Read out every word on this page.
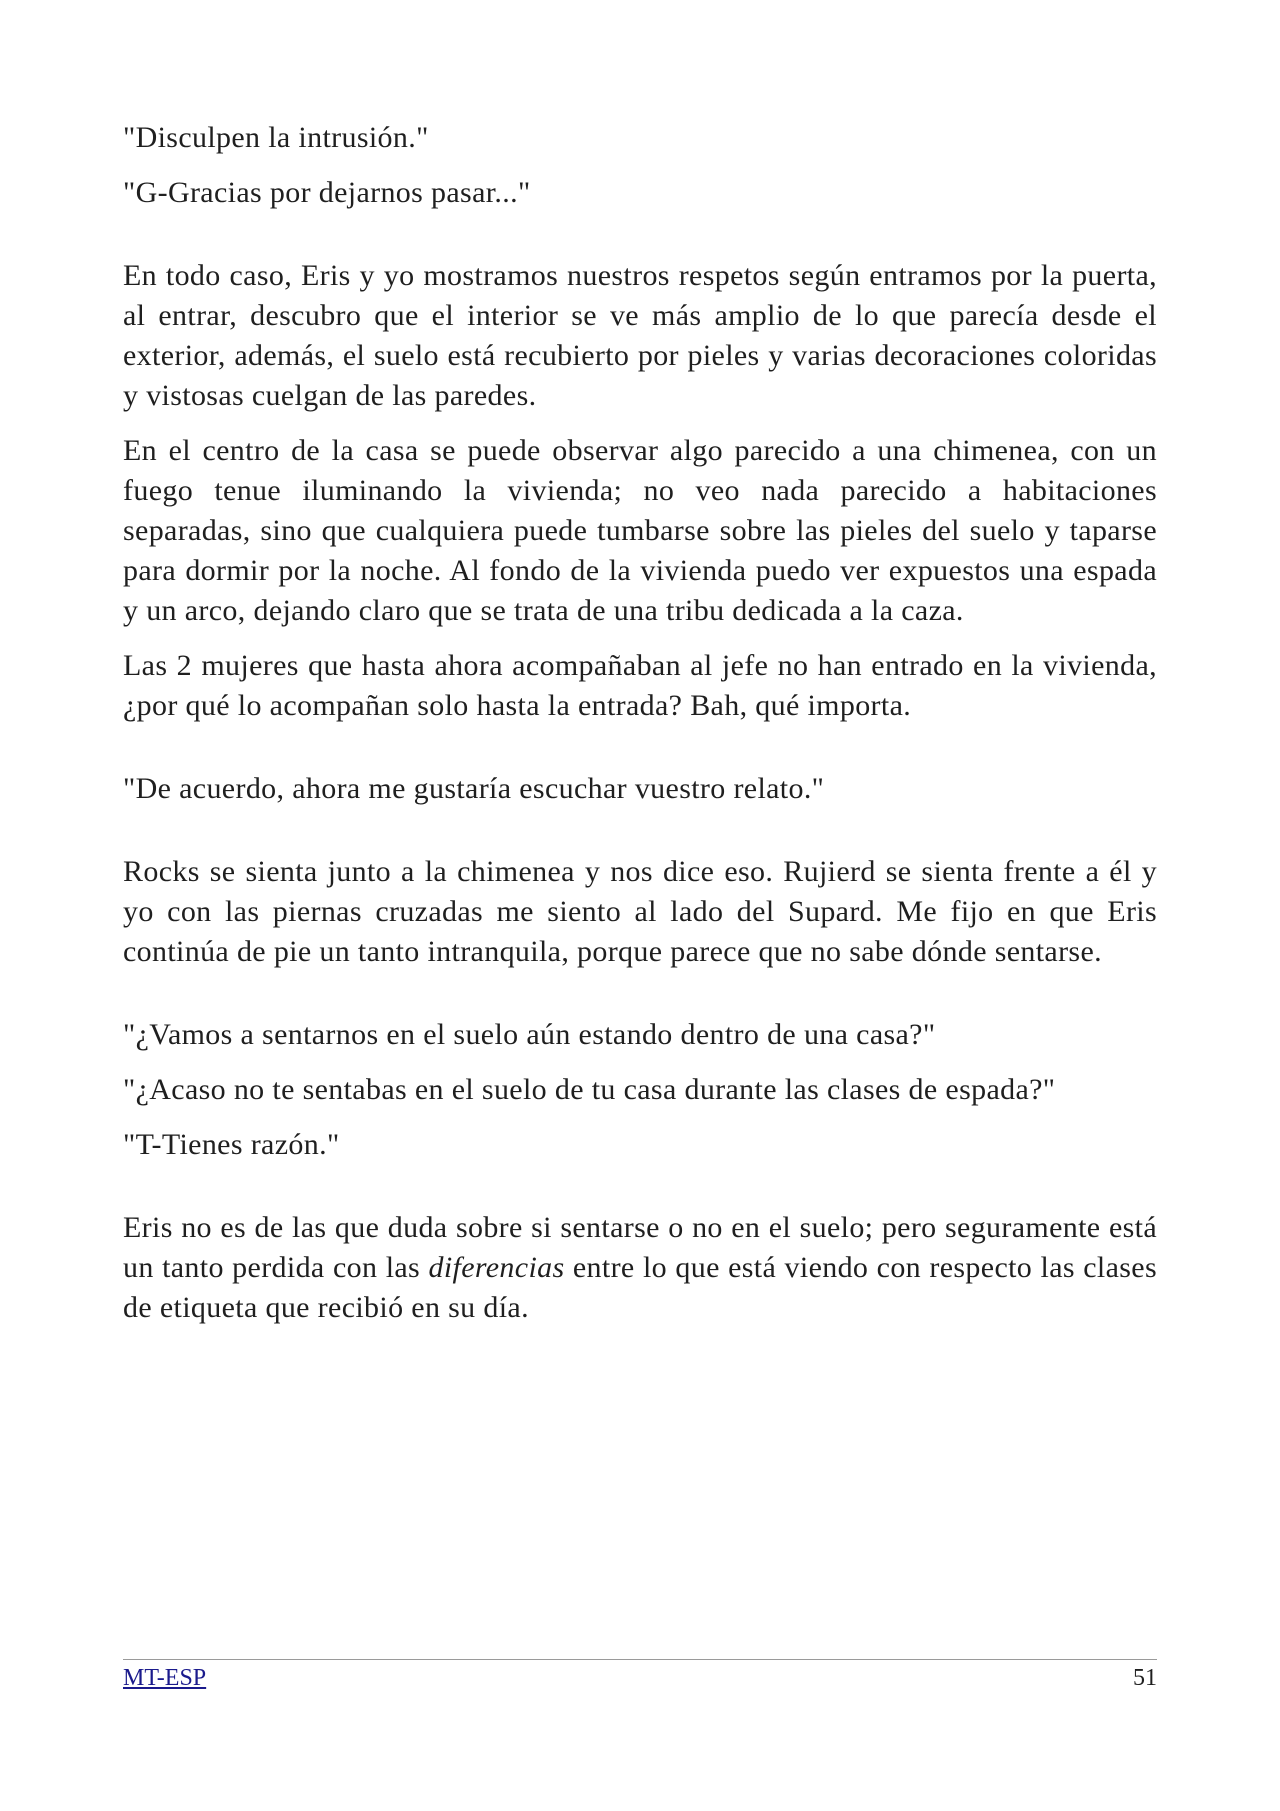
"Disculpen la intrusión."

"G-Gracias por dejarnos pasar..."

En todo caso, Eris y yo mostramos nuestros respetos según entramos por la puerta, al entrar, descubro que el interior se ve más amplio de lo que parecía desde el exterior, además, el suelo está recubierto por pieles y varias decoraciones coloridas y vistosas cuelgan de las paredes.

En el centro de la casa se puede observar algo parecido a una chimenea, con un fuego tenue iluminando la vivienda; no veo nada parecido a habitaciones separadas, sino que cualquiera puede tumbarse sobre las pieles del suelo y taparse para dormir por la noche. Al fondo de la vivienda puedo ver expuestos una espada y un arco, dejando claro que se trata de una tribu dedicada a la caza.

Las 2 mujeres que hasta ahora acompañaban al jefe no han entrado en la vivienda, ¿por qué lo acompañan solo hasta la entrada? Bah, qué importa.

"De acuerdo, ahora me gustaría escuchar vuestro relato."

Rocks se sienta junto a la chimenea y nos dice eso. Rujierd se sienta frente a él y yo con las piernas cruzadas me siento al lado del Supard. Me fijo en que Eris continúa de pie un tanto intranquila, porque parece que no sabe dónde sentarse.

"¿Vamos a sentarnos en el suelo aún estando dentro de una casa?"

"¿Acaso no te sentabas en el suelo de tu casa durante las clases de espada?"

"T-Tienes razón."

Eris no es de las que duda sobre si sentarse o no en el suelo; pero seguramente está un tanto perdida con las diferencias entre lo que está viendo con respecto las clases de etiqueta que recibió en su día.

MT-ESP	51
